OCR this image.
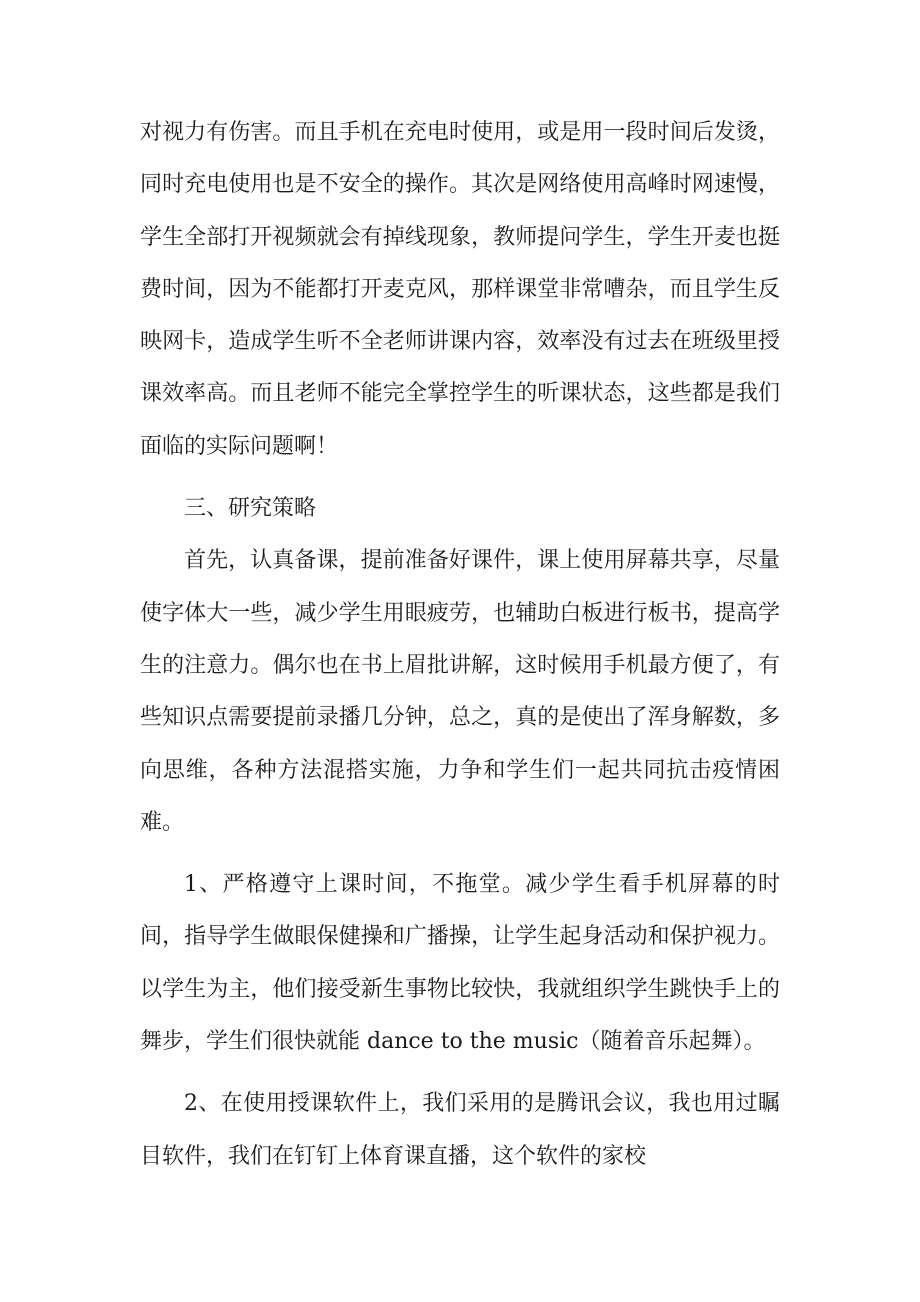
对视力有伤害。而且手机在充电时使用，或是用一段时间后发烫，同时充电使用也是不安全的操作。其次是网络使用高峰时网速慢，学生全部打开视频就会有掉线现象，教师提问学生，学生开麦也挺费时间，因为不能都打开麦克风，那样课堂非常嘈杂，而且学生反映网卡，造成学生听不全老师讲课内容，效率没有过去在班级里授课效率高。而且老师不能完全掌控学生的听课状态，这些都是我们面临的实际问题啊！

三、研究策略

首先，认真备课，提前准备好课件，课上使用屏幕共享，尽量使字体大一些，减少学生用眼疲劳，也辅助白板进行板书，提高学生的注意力。偶尔也在书上眉批讲解，这时候用手机最方便了，有些知识点需要提前录播几分钟，总之，真的是使出了浑身解数，多向思维，各种方法混搭实施，力争和学生们一起共同抗击疫情困难。

1、严格遵守上课时间，不拖堂。减少学生看手机屏幕的时间，指导学生做眼保健操和广播操，让学生起身活动和保护视力。以学生为主，他们接受新生事物比较快，我就组织学生跳快手上的舞步，学生们很快就能 dance to the music（随着音乐起舞）。

2、在使用授课软件上，我们采用的是腾讯会议，我也用过瞩目软件，我们在钉钉上体育课直播，这个软件的家校
